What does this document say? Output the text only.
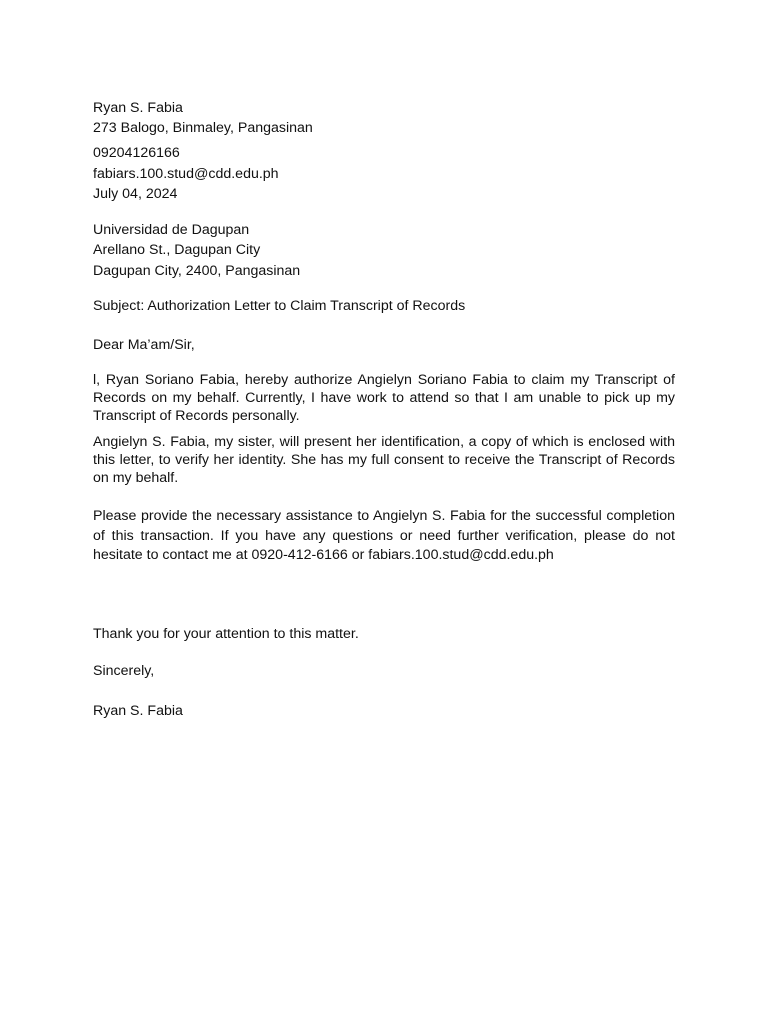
Ryan S. Fabia
273 Balogo, Binmaley, Pangasinan
09204126166
fabiars.100.stud@cdd.edu.ph
July 04, 2024
Universidad de Dagupan
Arellano St., Dagupan City
Dagupan City, 2400, Pangasinan
Subject: Authorization Letter to Claim Transcript of Records
Dear Ma’am/Sir,
l, Ryan Soriano Fabia, hereby authorize Angielyn Soriano Fabia to claim my Transcript of Records on my behalf. Currently, I have work to attend so that I am unable to pick up my Transcript of Records personally.
Angielyn S. Fabia, my sister, will present her identification, a copy of which is enclosed with this letter, to verify her identity. She has my full consent to receive the Transcript of Records on my behalf.
Please provide the necessary assistance to Angielyn S. Fabia for the successful completion of this transaction. If you have any questions or need further verification, please do not hesitate to contact me at 0920-412-6166 or fabiars.100.stud@cdd.edu.ph
Thank you for your attention to this matter.
Sincerely,
Ryan S. Fabia
